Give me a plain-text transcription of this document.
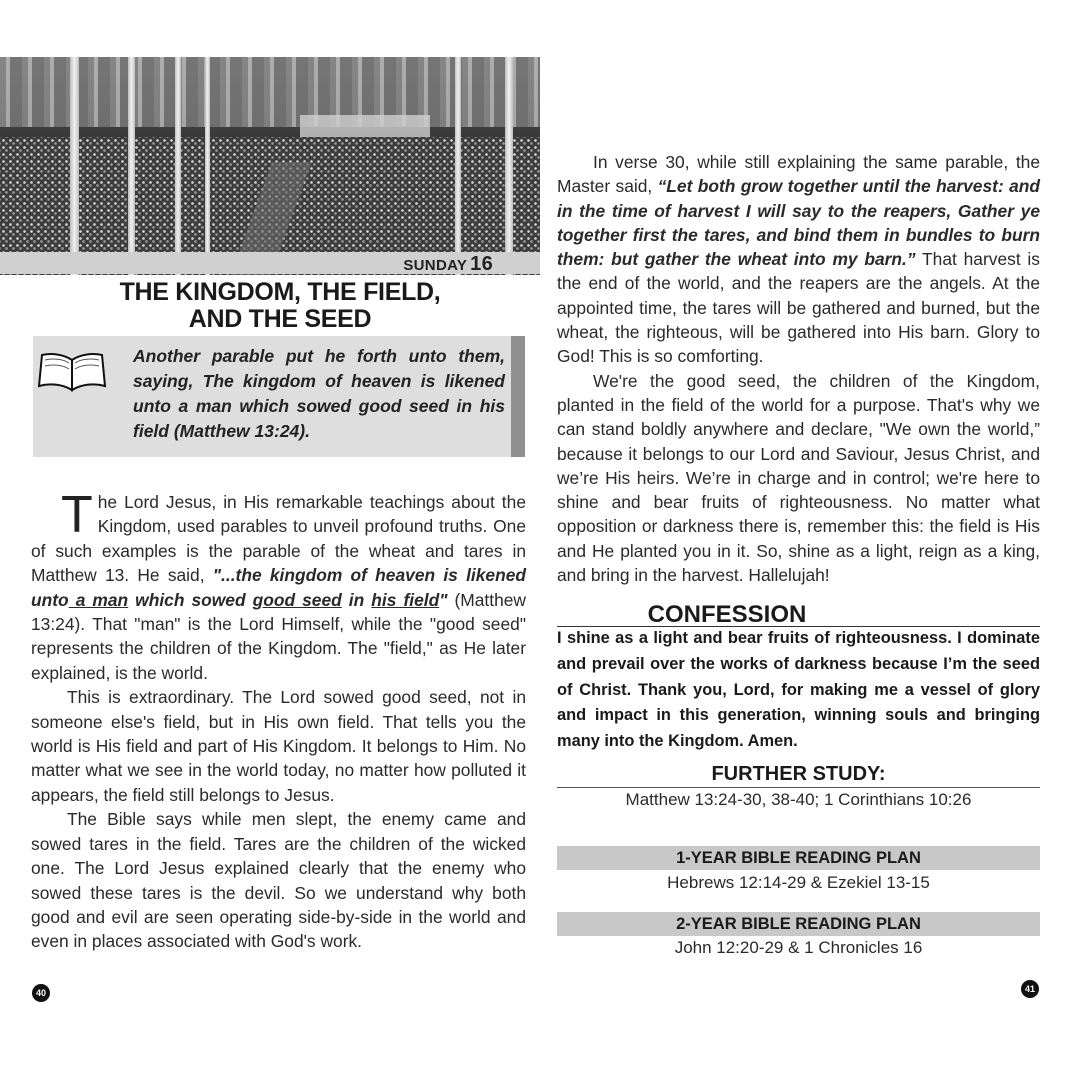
SUNDAY 16
THE KINGDOM, THE FIELD,
AND THE SEED
Another parable put he forth unto them, saying, The kingdom of heaven is likened unto a man which sowed good seed in his field (Matthew 13:24).

The Lord Jesus, in His remarkable teachings about the Kingdom, used parables to unveil profound truths. One of such examples is the parable of the wheat and tares in Matthew 13. He said, "...the kingdom of heaven is likened unto a man which sowed good seed in his field" (Matthew 13:24). That "man" is the Lord Himself, while the "good seed" represents the children of the Kingdom. The "field," as He later explained, is the world.

This is extraordinary. The Lord sowed good seed, not in someone else's field, but in His own field. That tells you the world is His field and part of His Kingdom. It belongs to Him. No matter what we see in the world today, no matter how polluted it appears, the field still belongs to Jesus.

The Bible says while men slept, the enemy came and sowed tares in the field. Tares are the children of the wicked one. The Lord Jesus explained clearly that the enemy who sowed these tares is the devil. So we understand why both good and evil are seen operating side-by-side in the world and even in places associated with God's work.

40

In verse 30, while still explaining the same parable, the Master said, “Let both grow together until the harvest: and in the time of harvest I will say to the reapers, Gather ye together first the tares, and bind them in bundles to burn them: but gather the wheat into my barn.” That harvest is the end of the world, and the reapers are the angels. At the appointed time, the tares will be gathered and burned, but the wheat, the righteous, will be gathered into His barn. Glory to God! This is so comforting.

We're the good seed, the children of the Kingdom, planted in the field of the world for a purpose. That's why we can stand boldly anywhere and declare, "We own the world,” because it belongs to our Lord and Saviour, Jesus Christ, and we’re His heirs. We’re in charge and in control; we're here to shine and bear fruits of righteousness. No matter what opposition or darkness there is, remember this: the field is His and He planted you in it. So, shine as a light, reign as a king, and bring in the harvest. Hallelujah!

CONFESSION
I shine as a light and bear fruits of righteousness. I dominate and prevail over the works of darkness because I’m the seed of Christ. Thank you, Lord, for making me a vessel of glory and impact in this generation, winning souls and bringing many into the Kingdom. Amen.
FURTHER STUDY:
Matthew 13:24-30, 38-40; 1 Corinthians 10:26
1-YEAR BIBLE READING PLAN
Hebrews 12:14-29 & Ezekiel 13-15
2-YEAR BIBLE READING PLAN
John 12:20-29 & 1 Chronicles 16
41
